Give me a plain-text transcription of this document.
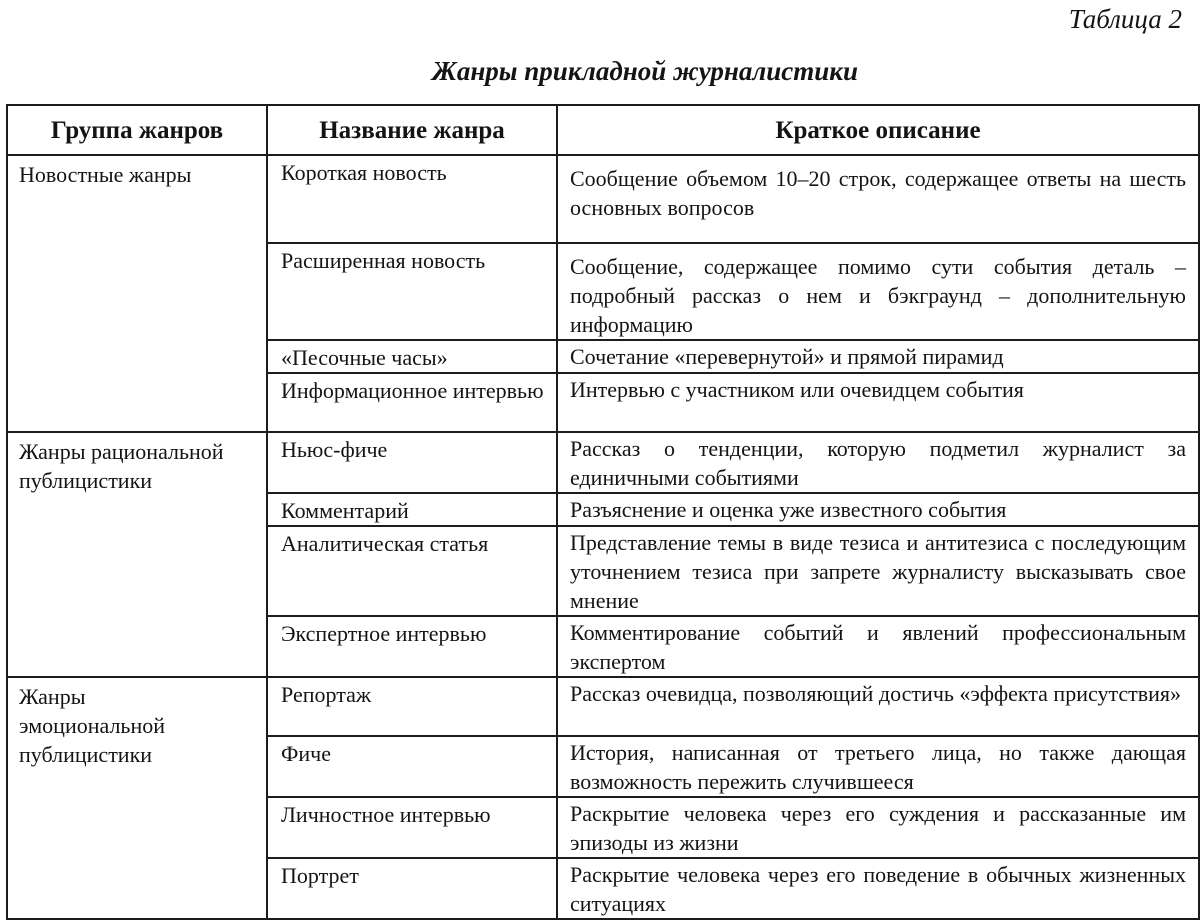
Таблица 2
Жанры прикладной журналистики
Группа жанров	Название жанра	Краткое описание

Новостные жанры	Короткая новость	Сообщение объемом 10–20 строк, содержащее ответы на шесть основных вопросов

	Расширенная новость	Сообщение, содержащее помимо сути события деталь – подробный рассказ о нем и бэкграунд – дополнительную информацию

	«Песочные часы»	Сочетание «перевернутой» и прямой пирамид

	Информационное интервью	Интервью с участником или очевидцем события

Жанры рациональной публицистики	Ньюс-фиче	Рассказ о тенденции, которую подметил журналист за единичными событиями

	Комментарий	Разъяснение и оценка уже известного события

	Аналитическая статья	Представление темы в виде тезиса и антитезиса с последующим уточнением тезиса при запрете журналисту высказывать свое мнение

	Экспертное интервью	Комментирование событий и явлений профессиональным экспертом

Жанры эмоциональной публицистики	Репортаж	Рассказ очевидца, позволяющий достичь «эффекта присутствия»

	Фиче	История, написанная от третьего лица, но также дающая возможность пережить случившееся

	Личностное интервью	Раскрытие человека через его суждения и рассказанные им эпизоды из жизни

	Портрет	Раскрытие человека через его поведение в обычных жизненных ситуациях
